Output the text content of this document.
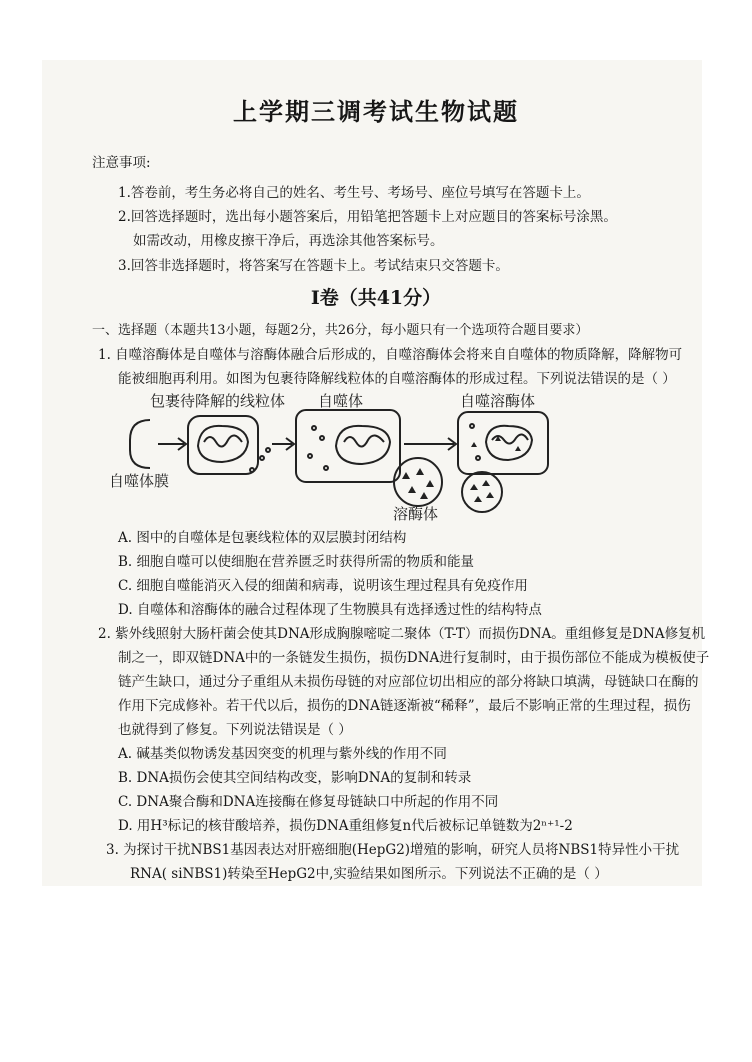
上学期三调考试生物试题
注意事项:
1.答卷前，考生务必将自己的姓名、考生号、考场号、座位号填写在答题卡上。
2.回答选择题时，选出每小题答案后，用铅笔把答题卡上对应题目的答案标号涂黑。
如需改动，用橡皮擦干净后，再选涂其他答案标号。
3.回答非选择题时，将答案写在答题卡上。考试结束只交答题卡。
Ⅰ卷（共41分）
一、选择题（本题共13小题，每题2分，共26分，每小题只有一个选项符合题目要求）
1. 自噬溶酶体是自噬体与溶酶体融合后形成的，自噬溶酶体会将来自自噬体的物质降解，降解物可
能被细胞再利用。如图为包裹待降解线粒体的自噬溶酶体的形成过程。下列说法错误的是（ ）
包裹待降解的线粒体 自噬体	自噬溶酶体
自噬体膜
溶酶体
A. 图中的自噬体是包裹线粒体的双层膜封闭结构
B. 细胞自噬可以使细胞在营养匮乏时获得所需的物质和能量
C. 细胞自噬能消灭入侵的细菌和病毒，说明该生理过程具有免疫作用
D. 自噬体和溶酶体的融合过程体现了生物膜具有选择透过性的结构特点
2. 紫外线照射大肠杆菌会使其DNA形成胸腺嘧啶二聚体（T-T）而损伤DNA。重组修复是DNA修复机
制之一，即双链DNA中的一条链发生损伤，损伤DNA进行复制时，由于损伤部位不能成为模板使子
链产生缺口，通过分子重组从未损伤母链的对应部位切出相应的部分将缺口填满，母链缺口在酶的
作用下完成修补。若干代以后，损伤的DNA链逐渐被“稀释”，最后不影响正常的生理过程，损伤
也就得到了修复。下列说法错误是（ ）
A. 碱基类似物诱发基因突变的机理与紫外线的作用不同
B. DNA损伤会使其空间结构改变，影响DNA的复制和转录
C. DNA聚合酶和DNA连接酶在修复母链缺口中所起的作用不同
D. 用H³标记的核苷酸培养，损伤DNA重组修复n代后被标记单链数为2ⁿ⁺¹-2
3. 为探讨干扰NBS1基因表达对肝癌细胞(HepG2)增殖的影响，研究人员将NBS1特异性小干扰
RNA( siNBS1)转染至HepG2中,实验结果如图所示。下列说法不正确的是（ ）
